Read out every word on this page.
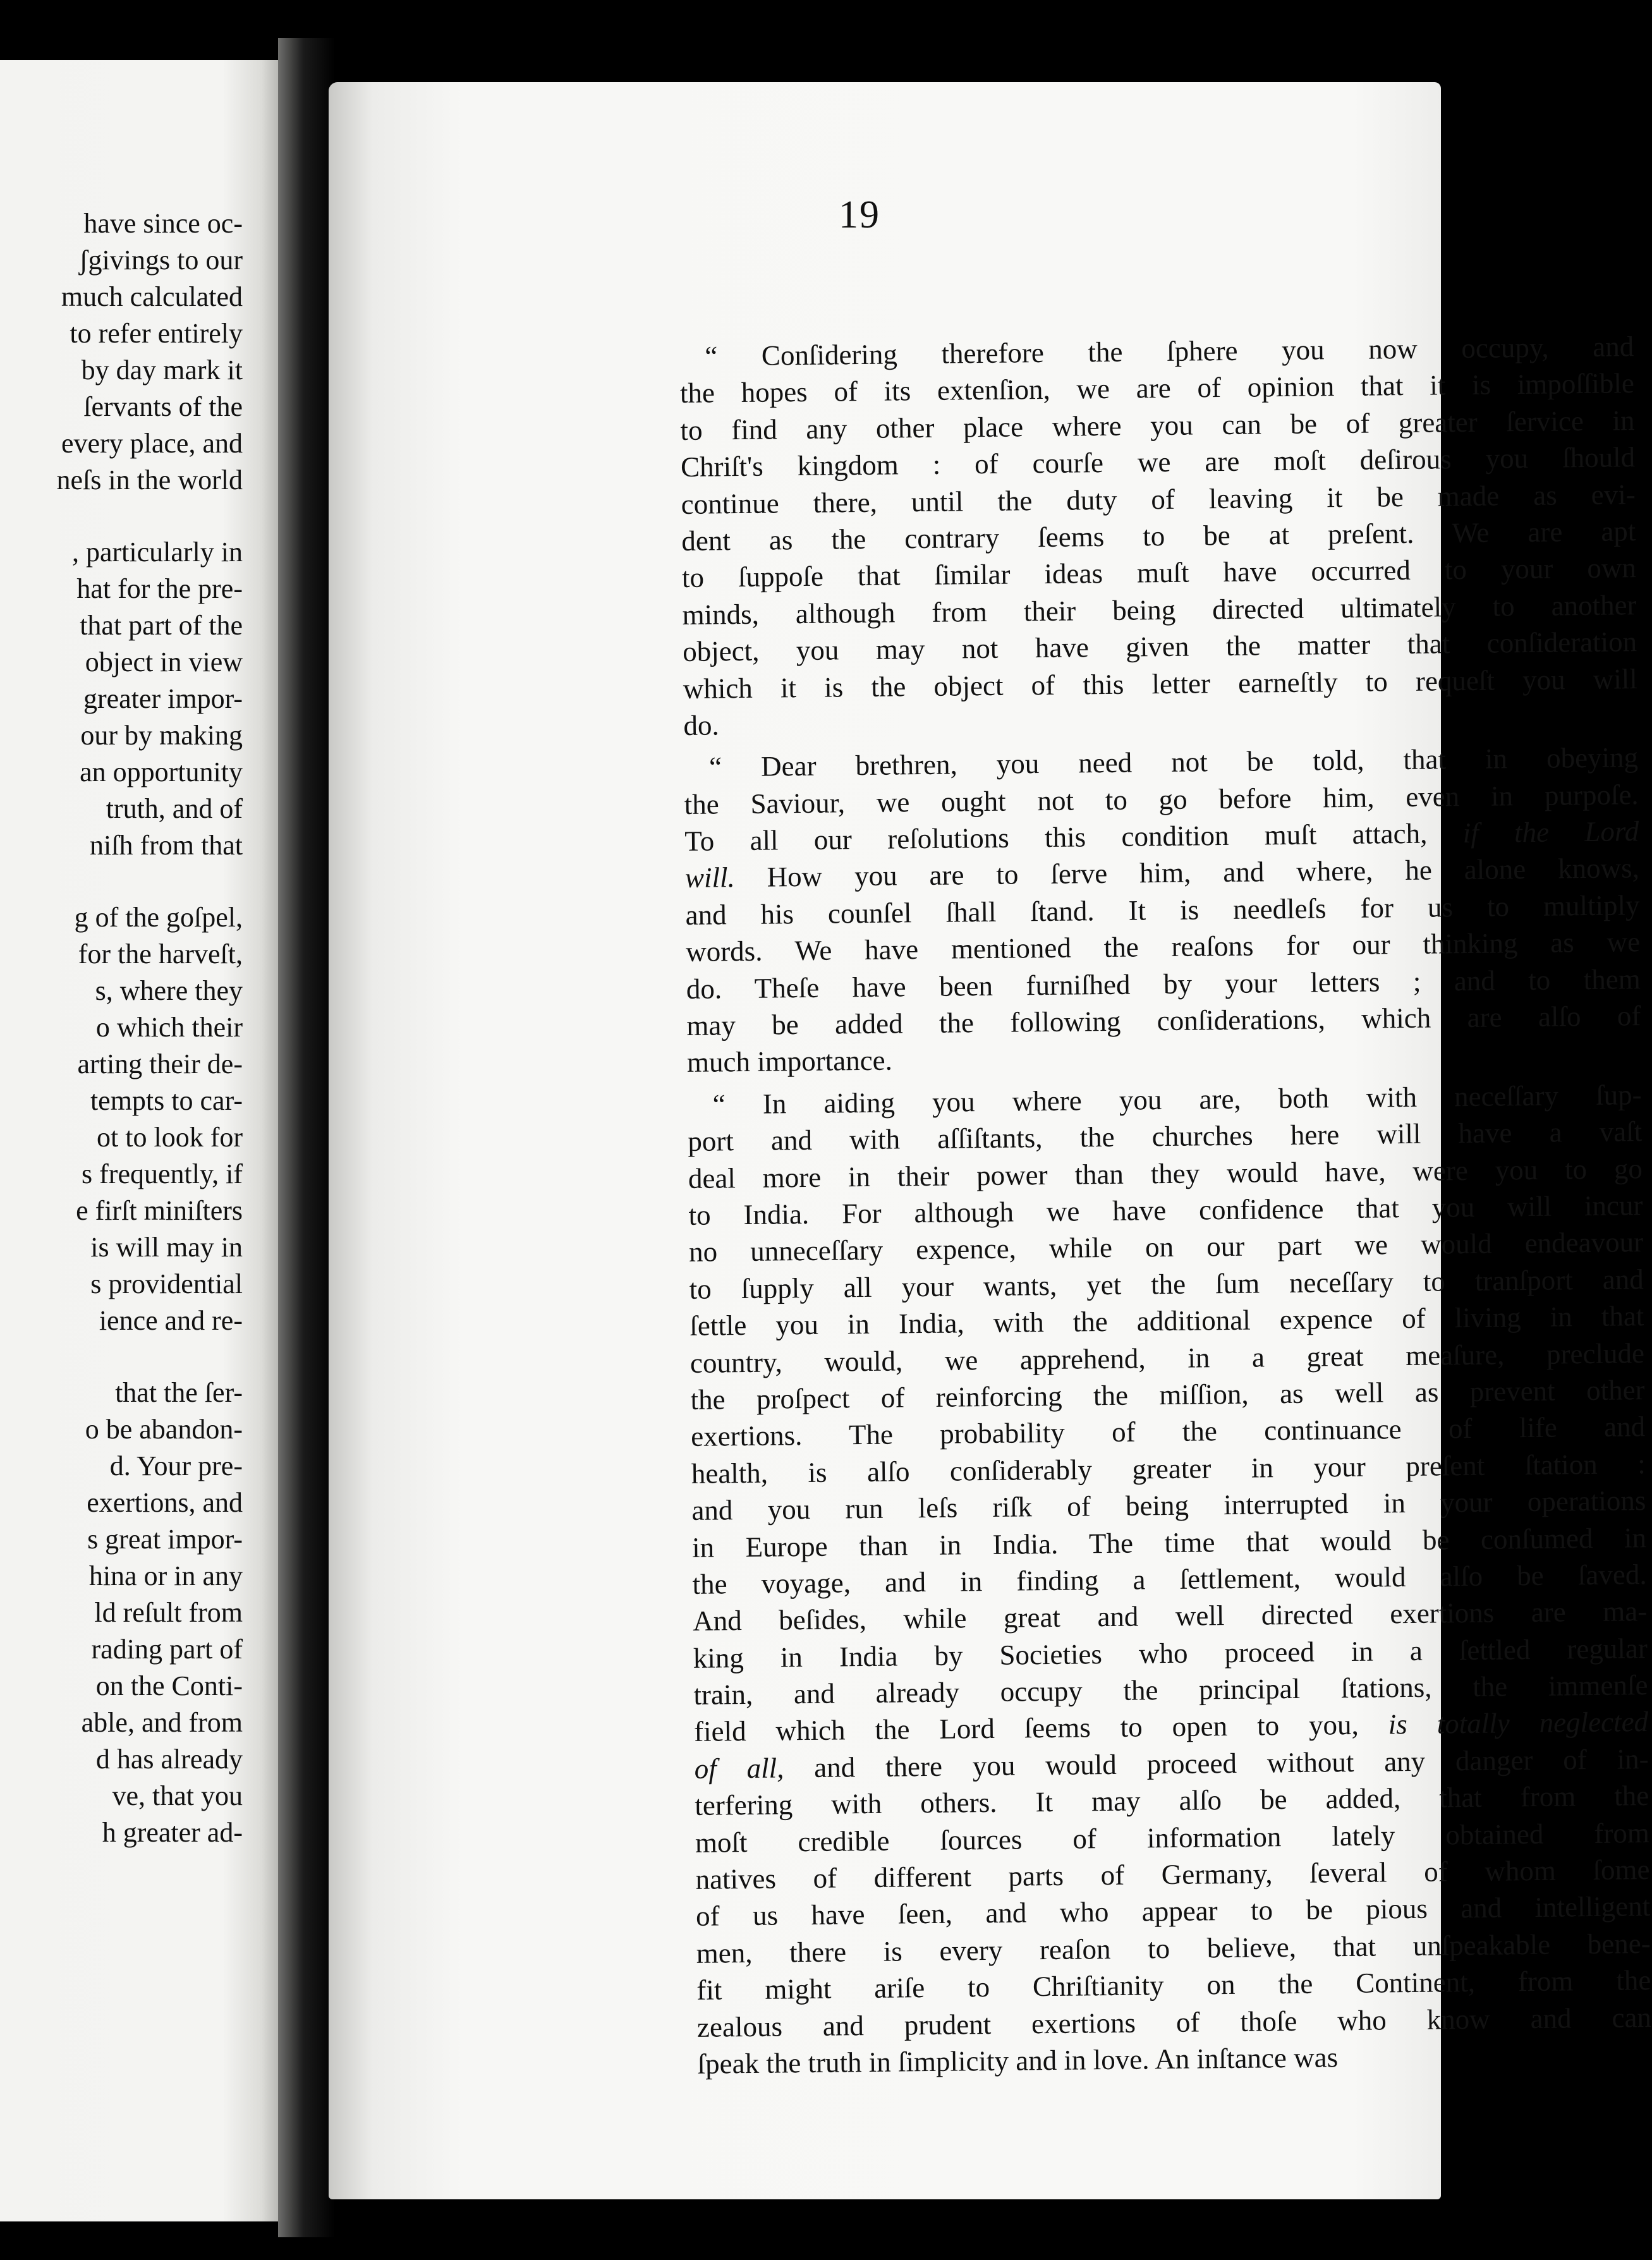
have since oc-
ʃgivings to our
much calculated
to refer entirely
by day mark it
ſervants of the
every place, and
neſs in the world
, particularly in
hat for the pre-
that part of the
object in view
greater impor-
our by making
an opportunity
truth, and of
niſh from that
g of the goſpel,
for the harveſt,
s, where they
o which their
arting their de-
tempts to car-
ot to look for
s frequently, if
e firſt miniſters
is will may in
s providential
ience and re-
that the ſer-
o be abandon-
d. Your pre-
exertions, and
s great impor-
hina or in any
ld reſult from
rading part of
on the Conti-
able, and from
d has already
ve, that you
h greater ad-
19
“ Conſidering therefore the ſphere you now occupy, and
the hopes of its extenſion, we are of opinion that it is impoſſible
to find any other place where you can be of greater ſervice in
Chriſt's kingdom : of courſe we are moſt deſirous you ſhould
continue there, until the duty of leaving it be made as evi-
dent as the contrary ſeems to be at preſent. We are apt
to ſuppoſe that ſimilar ideas muſt have occurred to your own
minds, although from their being directed ultimately to another
object, you may not have given the matter that conſideration
which it is the object of this letter earneſtly to requeſt you will
do.
“ Dear brethren, you need not be told, that in obeying
the Saviour, we ought not to go before him, even in purpoſe.
To all our reſolutions this condition muſt attach, if the Lord
will. How you are to ſerve him, and where, he alone knows,
and his counſel ſhall ſtand. It is needleſs for us to multiply
words. We have mentioned the reaſons for our thinking as we
do. Theſe have been furniſhed by your letters ; and to them
may be added the following conſiderations, which are alſo of
much importance.
“ In aiding you where you are, both with neceſſary ſup-
port and with aſſiſtants, the churches here will have a vaſt
deal more in their power than they would have, were you to go
to India. For although we have confidence that you will incur
no unneceſſary expence, while on our part we would endeavour
to ſupply all your wants, yet the ſum neceſſary to tranſport and
ſettle you in India, with the additional expence of living in that
country, would, we apprehend, in a great meaſure, preclude
the proſpect of reinforcing the miſſion, as well as prevent other
exertions. The probability of the continuance of life and
health, is alſo conſiderably greater in your preſent ſtation :
and you run leſs riſk of being interrupted in your operations
in Europe than in India. The time that would be conſumed in
the voyage, and in finding a ſettlement, would alſo be ſaved.
And beſides, while great and well directed exertions are ma-
king in India by Societies who proceed in a ſettled regular
train, and already occupy the principal ſtations, the immenſe
field which the Lord ſeems to open to you, is totally neglected
of all, and there you would proceed without any danger of in-
terfering with others. It may alſo be added, that from the
moſt credible ſources of information lately obtained from
natives of different parts of Germany, ſeveral of whom ſome
of us have ſeen, and who appear to be pious and intelligent
men, there is every reaſon to believe, that unſpeakable bene-
fit might ariſe to Chriſtianity on the Continent, from the
zealous and prudent exertions of thoſe who know and can
ſpeak the truth in ſimplicity and in love. An inſtance was
